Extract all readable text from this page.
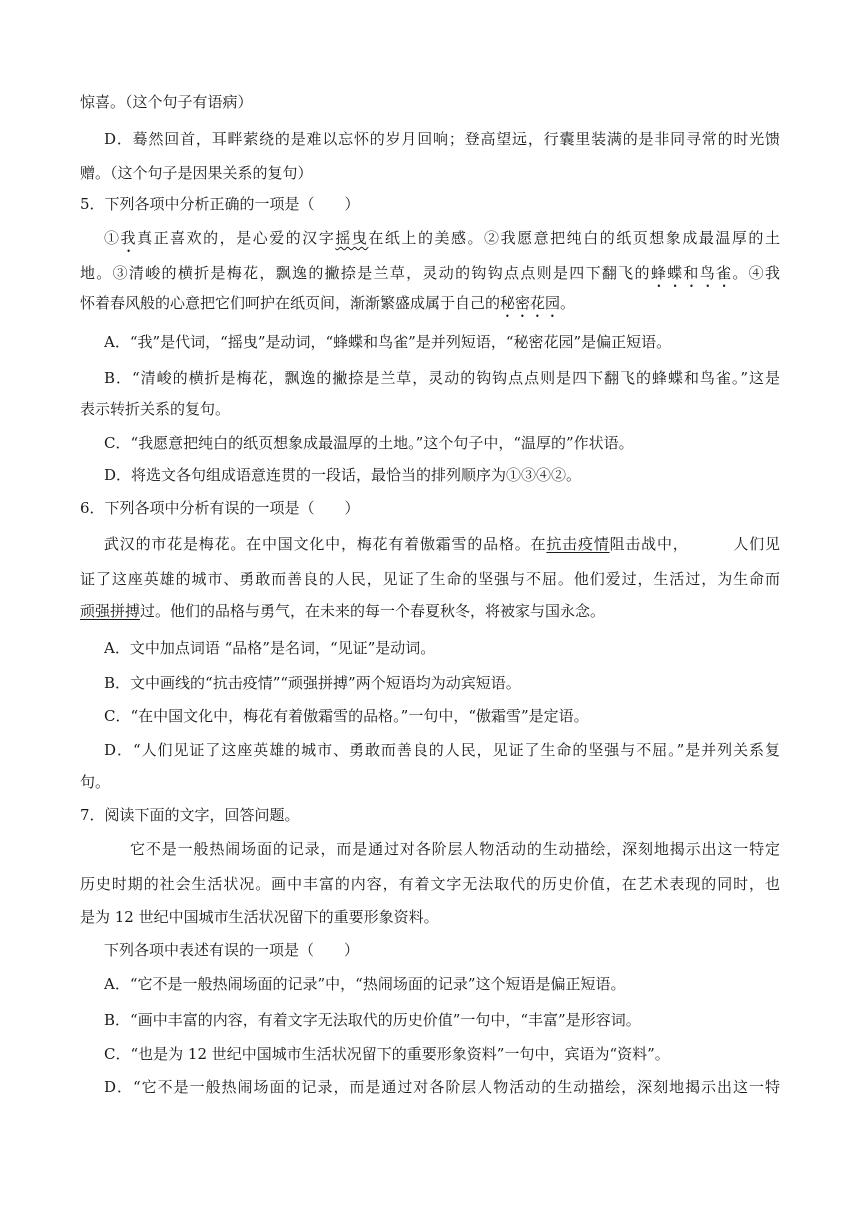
惊喜。（这个句子有语病）
D．蓦然回首，耳畔萦绕的是难以忘怀的岁月回响；登高望远，行囊里装满的是非同寻常的时光馈
赠。（这个句子是因果关系的复句）
5．下列各项中分析正确的一项是（　　）
①我真正喜欢的，是心爱的汉字摇曳在纸上的美感。②我愿意把纯白的纸页想象成最温厚的土
地。③清峻的横折是梅花，飘逸的撇捺是兰草，灵动的钩钩点点则是四下翻飞的蜂蝶和鸟雀。④我
怀着春风般的心意把它们呵护在纸页间，渐渐繁盛成属于自己的秘密花园。
A．“我”是代词，“摇曳”是动词，“蜂蝶和鸟雀”是并列短语，“秘密花园”是偏正短语。
B．“清峻的横折是梅花，飘逸的撇捺是兰草，灵动的钩钩点点则是四下翻飞的蜂蝶和鸟雀。”这是
表示转折关系的复句。
C．“我愿意把纯白的纸页想象成最温厚的土地。”这个句子中，“温厚的”作状语。
D．将选文各句组成语意连贯的一段话，最恰当的排列顺序为①③④②。
6．下列各项中分析有误的一项是（　　）
武汉的市花是梅花。在中国文化中，梅花有着傲霜雪的品格。在抗击疫情阻击战中，	人们见
证了这座英雄的城市、勇敢而善良的人民，见证了生命的坚强与不屈。他们爱过，生活过，为生命而
顽强拼搏过。他们的品格与勇气，在未来的每一个春夏秋冬，将被家与国永念。
A．文中加点词语 “品格”是名词，“见证”是动词。
B．文中画线的“抗击疫情”“顽强拼搏”两个短语均为动宾短语。
C．“在中国文化中，梅花有着傲霜雪的品格。”一句中，“傲霜雪”是定语。
D．“人们见证了这座英雄的城市、勇敢而善良的人民，见证了生命的坚强与不屈。”是并列关系复
句。
7．阅读下面的文字，回答问题。
它不是一般热闹场面的记录，而是通过对各阶层人物活动的生动描绘，深刻地揭示出这一特定
历史时期的社会生活状况。画中丰富的内容，有着文字无法取代的历史价值，在艺术表现的同时，也
是为 12 世纪中国城市生活状况留下的重要形象资料。
下列各项中表述有误的一项是（　　）
A．“它不是一般热闹场面的记录”中，“热闹场面的记录”这个短语是偏正短语。
B．“画中丰富的内容，有着文字无法取代的历史价值”一句中，“丰富”是形容词。
C．“也是为 12 世纪中国城市生活状况留下的重要形象资料”一句中，宾语为“资料”。
D．“它不是一般热闹场面的记录，而是通过对各阶层人物活动的生动描绘，深刻地揭示出这一特
